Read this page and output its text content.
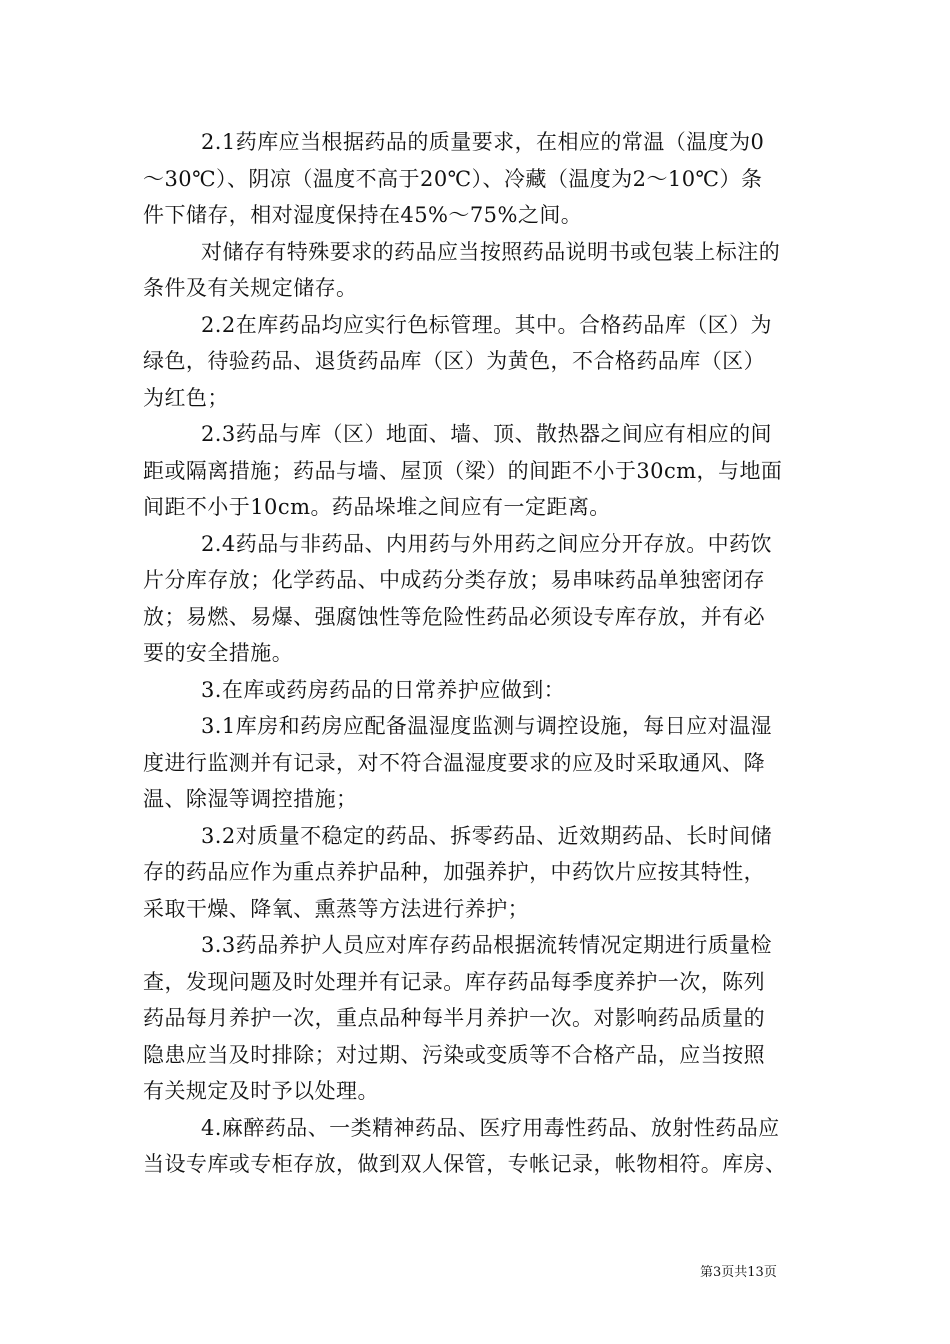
2.1药库应当根据药品的质量要求，在相应的常温（温度为0
～30℃）、阴凉（温度不高于20℃）、冷藏（温度为2～10℃）条
件下储存，相对湿度保持在45%～75%之间。
对储存有特殊要求的药品应当按照药品说明书或包装上标注的
条件及有关规定储存。
2.2在库药品均应实行色标管理。其中。合格药品库（区）为
绿色，待验药品、退货药品库（区）为黄色，不合格药品库（区）
为红色；
2.3药品与库（区）地面、墙、顶、散热器之间应有相应的间
距或隔离措施；药品与墙、屋顶（梁）的间距不小于30cm，与地面
间距不小于10cm。药品垛堆之间应有一定距离。
2.4药品与非药品、内用药与外用药之间应分开存放。中药饮
片分库存放；化学药品、中成药分类存放；易串味药品单独密闭存
放；易燃、易爆、强腐蚀性等危险性药品必须设专库存放，并有必
要的安全措施。
3.在库或药房药品的日常养护应做到：
3.1库房和药房应配备温湿度监测与调控设施，每日应对温湿
度进行监测并有记录，对不符合温湿度要求的应及时采取通风、降
温、除湿等调控措施；
3.2对质量不稳定的药品、拆零药品、近效期药品、长时间储
存的药品应作为重点养护品种，加强养护，中药饮片应按其特性，
采取干燥、降氧、熏蒸等方法进行养护；
3.3药品养护人员应对库存药品根据流转情况定期进行质量检
查，发现问题及时处理并有记录。库存药品每季度养护一次，陈列
药品每月养护一次，重点品种每半月养护一次。对影响药品质量的
隐患应当及时排除；对过期、污染或变质等不合格产品，应当按照
有关规定及时予以处理。
4.麻醉药品、一类精神药品、医疗用毒性药品、放射性药品应
当设专库或专柜存放，做到双人保管，专帐记录，帐物相符。库房、
第3页共13页
